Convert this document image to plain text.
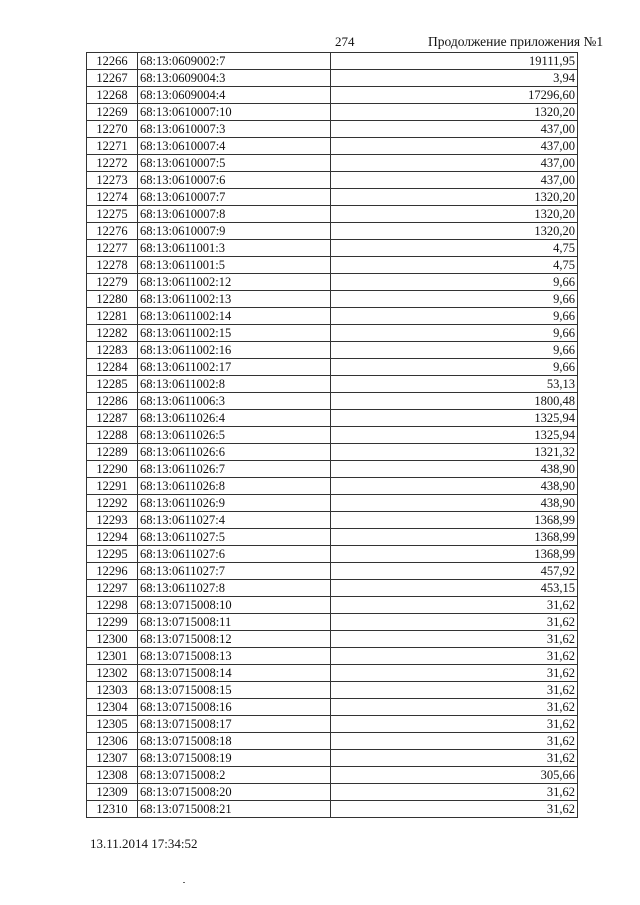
274	Продолжение приложения №1
12266	68:13:0609002:7	19111,95
12267	68:13:0609004:3	3,94
12268	68:13:0609004:4	17296,60
12269	68:13:0610007:10	1320,20
12270	68:13:0610007:3	437,00
12271	68:13:0610007:4	437,00
12272	68:13:0610007:5	437,00
12273	68:13:0610007:6	437,00
12274	68:13:0610007:7	1320,20
12275	68:13:0610007:8	1320,20
12276	68:13:0610007:9	1320,20
12277	68:13:0611001:3	4,75
12278	68:13:0611001:5	4,75
12279	68:13:0611002:12	9,66
12280	68:13:0611002:13	9,66
12281	68:13:0611002:14	9,66
12282	68:13:0611002:15	9,66
12283	68:13:0611002:16	9,66
12284	68:13:0611002:17	9,66
12285	68:13:0611002:8	53,13
12286	68:13:0611006:3	1800,48
12287	68:13:0611026:4	1325,94
12288	68:13:0611026:5	1325,94
12289	68:13:0611026:6	1321,32
12290	68:13:0611026:7	438,90
12291	68:13:0611026:8	438,90
12292	68:13:0611026:9	438,90
12293	68:13:0611027:4	1368,99
12294	68:13:0611027:5	1368,99
12295	68:13:0611027:6	1368,99
12296	68:13:0611027:7	457,92
12297	68:13:0611027:8	453,15
12298	68:13:0715008:10	31,62
12299	68:13:0715008:11	31,62
12300	68:13:0715008:12	31,62
12301	68:13:0715008:13	31,62
12302	68:13:0715008:14	31,62
12303	68:13:0715008:15	31,62
12304	68:13:0715008:16	31,62
12305	68:13:0715008:17	31,62
12306	68:13:0715008:18	31,62
12307	68:13:0715008:19	31,62
12308	68:13:0715008:2	305,66
12309	68:13:0715008:20	31,62
12310	68:13:0715008:21	31,62
13.11.2014 17:34:52
